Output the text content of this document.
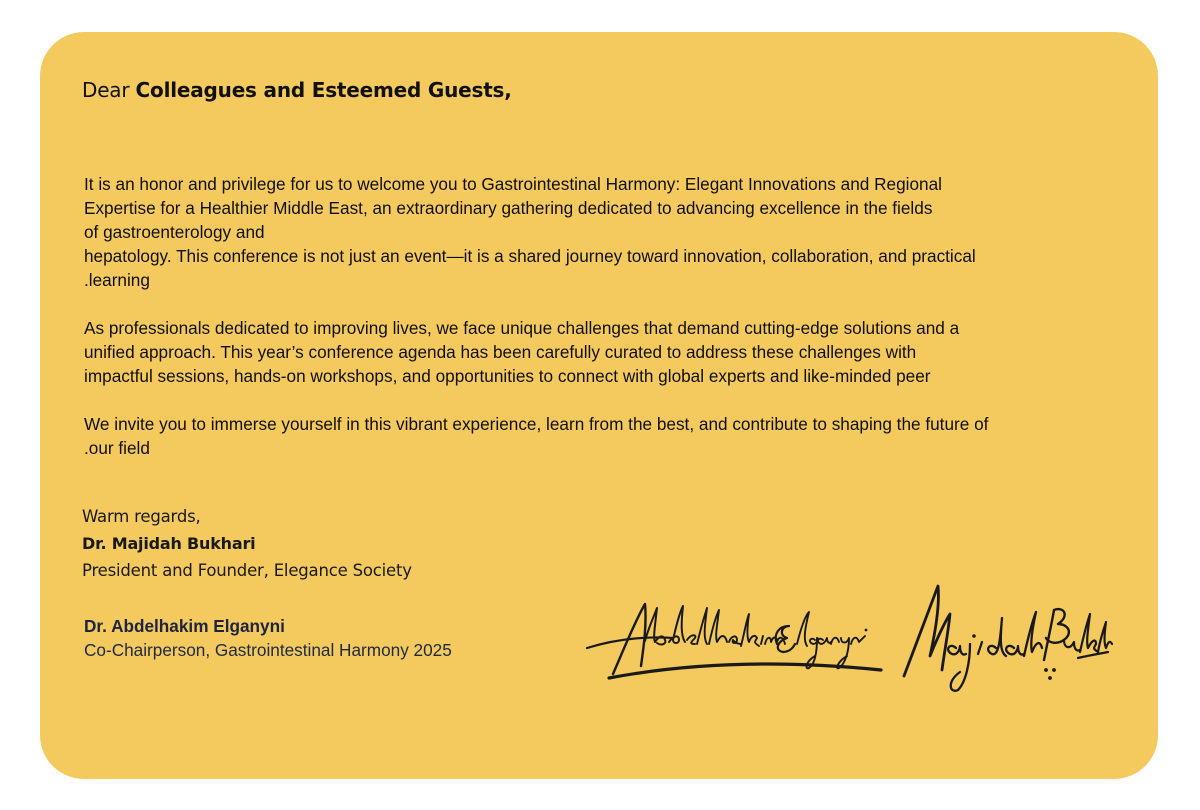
Dear Colleagues and Esteemed Guests,
It is an honor and privilege for us to welcome you to Gastrointestinal Harmony: Elegant Innovations and Regional
Expertise for a Healthier Middle East, an extraordinary gathering dedicated to advancing excellence in the fields
of gastroenterology and
hepatology. This conference is not just an event—it is a shared journey toward innovation, collaboration, and practical
.learning
As professionals dedicated to improving lives, we face unique challenges that demand cutting-edge solutions and a
unified approach. This year’s conference agenda has been carefully curated to address these challenges with
impactful sessions, hands-on workshops, and opportunities to connect with global experts and like-minded peer
We invite you to immerse yourself in this vibrant experience, learn from the best, and contribute to shaping the future of
.our field
Warm regards,
Dr. Majidah Bukhari
President and Founder, Elegance Society
Dr. Abdelhakim Elganyni
Co-Chairperson, Gastrointestinal Harmony 2025
